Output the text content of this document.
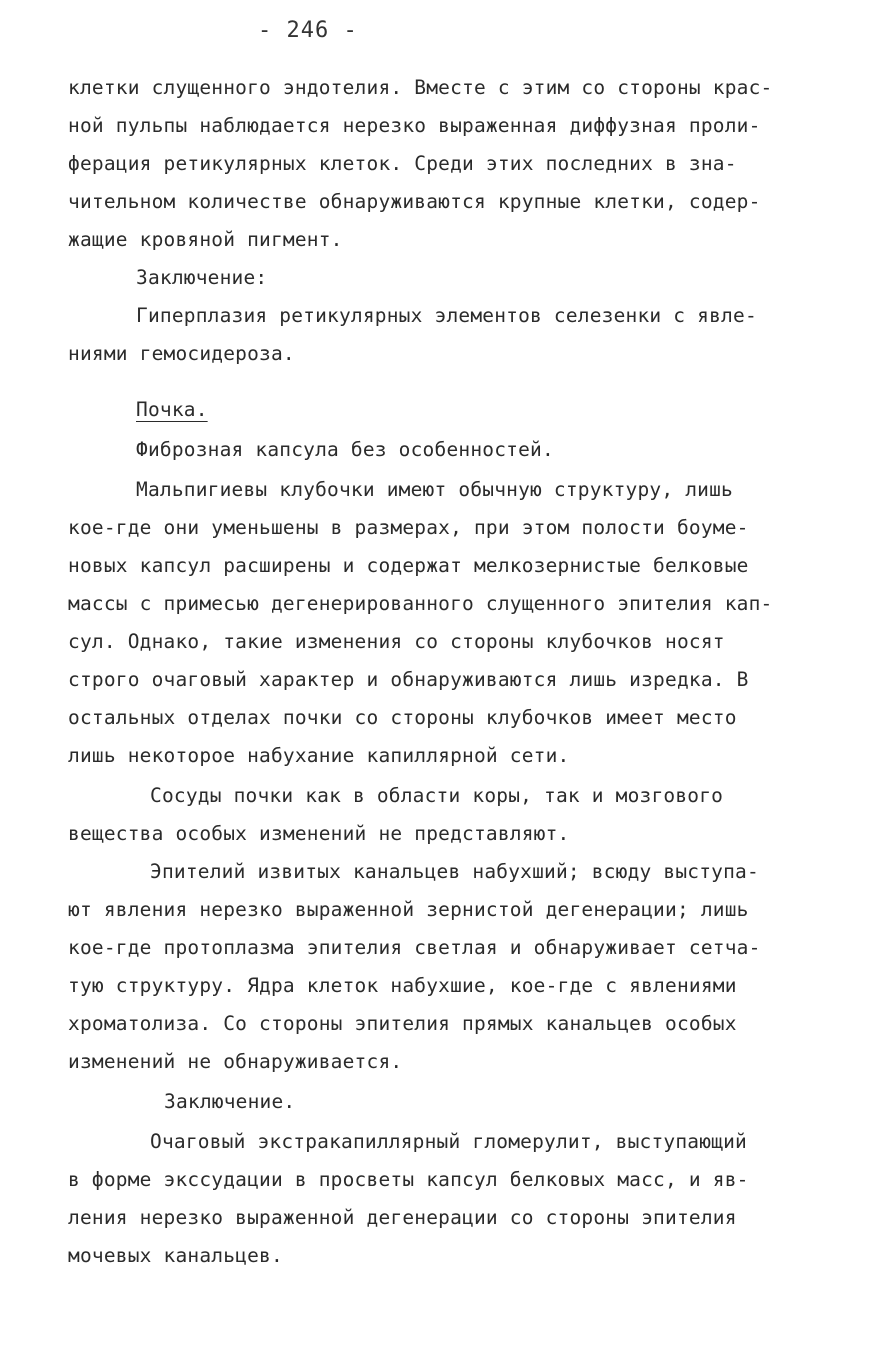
- 246 -
клетки слущенного эндотелия. Вместе с этим со стороны крас-
ной пульпы наблюдается нерезко выраженная диффузная проли-
ферация ретикулярных клеток. Среди этих последних в зна-
чительном количестве обнаруживаются крупные клетки, содер-
жащие кровяной пигмент.
Заключение:
Гиперплазия ретикулярных элементов селезенки с явле-
ниями гемосидероза.
Почка.
Фиброзная капсула без особенностей.
Мальпигиевы клубочки имеют обычную структуру, лишь
кое-где они уменьшены в размерах, при этом полости боуме-
новых капсул расширены и содержат мелкозернистые белковые
массы с примесью дегенерированного слущенного эпителия кап-
сул. Однако, такие изменения со стороны клубочков носят
строго очаговый характер и обнаруживаются лишь изредка. В
остальных отделах почки со стороны клубочков имеет место
лишь некоторое набухание капиллярной сети.
Сосуды почки как в области коры, так и мозгового
вещества особых изменений не представляют.
Эпителий извитых канальцев набухший; всюду выступа-
ют явления нерезко выраженной зернистой дегенерации; лишь
кое-где протоплазма эпителия светлая и обнаруживает сетча-
тую структуру. Ядра клеток набухшие, кое-где с явлениями
хроматолиза. Со стороны эпителия прямых канальцев особых
изменений не обнаруживается.
Заключение.
Очаговый экстракапиллярный гломерулит, выступающий
в форме экссудации в просветы капсул белковых масс, и яв-
ления нерезко выраженной дегенерации со стороны эпителия
мочевых канальцев.
